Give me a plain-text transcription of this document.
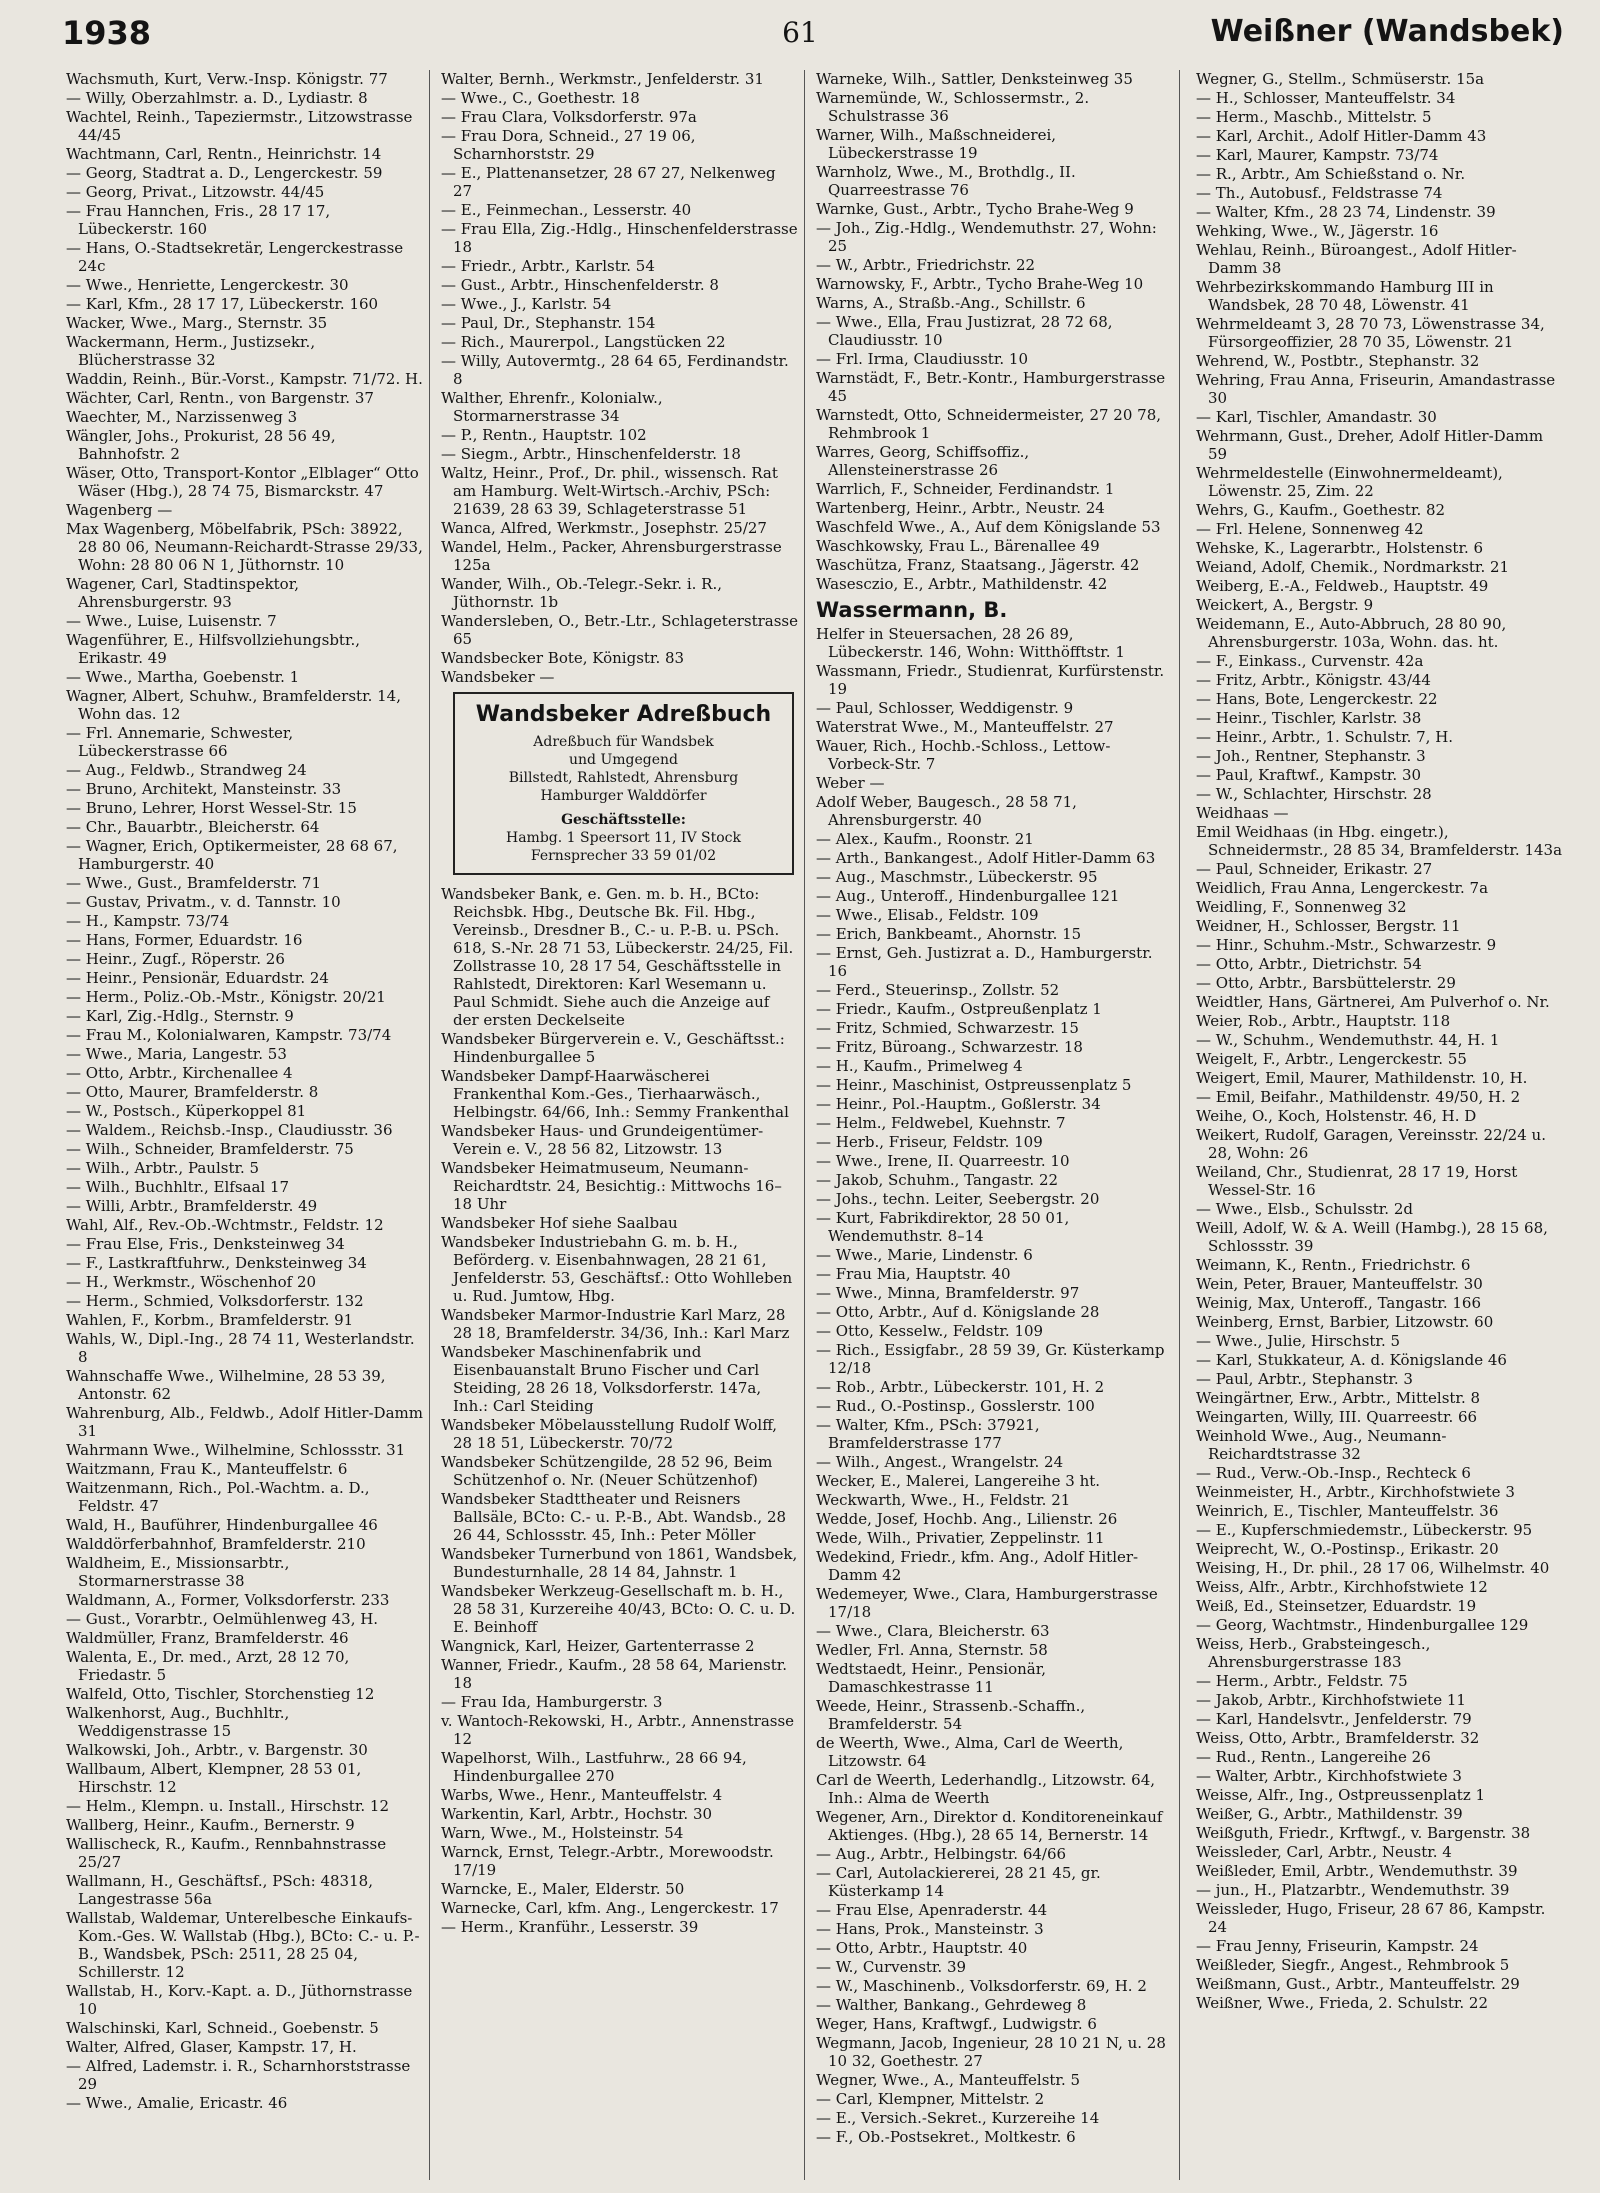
1938	61	Weißner (Wandsbek)
Wachsmuth, Kurt, Verw.-Insp. Königstr. 77
— Willy, Oberzahlmstr. a. D., Lydiastr. 8
Wachtel, Reinh., Tapeziermstr., Litzowstrasse 44/45
Wachtmann, Carl, Rentn., Heinrichstr. 14
— Georg, Stadtrat a. D., Lengerckestr. 59
— Georg, Privat., Litzowstr. 44/45
— Frau Hannchen, Fris., 28 17 17, Lübeckerstr. 160
— Hans, O.-Stadtsekretär, Lengerckestrasse 24c
— Wwe., Henriette, Lengerckestr. 30
— Karl, Kfm., 28 17 17, Lübeckerstr. 160
Wacker, Wwe., Marg., Sternstr. 35
Wackermann, Herm., Justizsekr., Blücherstrasse 32
Waddin, Reinh., Bür.-Vorst., Kampstr. 71/72. H.
Wächter, Carl, Rentn., von Bargenstr. 37
Waechter, M., Narzissenweg 3
Wängler, Johs., Prokurist, 28 56 49, Bahnhofstr. 2
Wäser, Otto, Transport-Kontor „Elblager“ Otto Wäser (Hbg.), 28 74 75, Bismarckstr. 47
Wagenberg —
Max Wagenberg, Möbelfabrik, PSch: 38922, 28 80 06, Neumann-Reichardt-Strasse 29/33, Wohn: 28 80 06 N 1, Jüthornstr. 10
Wagener, Carl, Stadtinspektor, Ahrensburgerstr. 93
— Wwe., Luise, Luisenstr. 7
Wagenführer, E., Hilfsvollziehungsbtr., Erikastr. 49
— Wwe., Martha, Goebenstr. 1
Wagner, Albert, Schuhw., Bramfelderstr. 14, Wohn das. 12
— Frl. Annemarie, Schwester, Lübeckerstrasse 66
— Aug., Feldwb., Strandweg 24
— Bruno, Architekt, Mansteinstr. 33
— Bruno, Lehrer, Horst Wessel-Str. 15
— Chr., Bauarbtr., Bleicherstr. 64
— Wagner, Erich, Optikermeister, 28 68 67, Hamburgerstr. 40
— Wwe., Gust., Bramfelderstr. 71
— Gustav, Privatm., v. d. Tannstr. 10
— H., Kampstr. 73/74
— Hans, Former, Eduardstr. 16
— Heinr., Zugf., Röperstr. 26
— Heinr., Pensionär, Eduardstr. 24
— Herm., Poliz.-Ob.-Mstr., Königstr. 20/21
— Karl, Zig.-Hdlg., Sternstr. 9
— Frau M., Kolonialwaren, Kampstr. 73/74
— Wwe., Maria, Langestr. 53
— Otto, Arbtr., Kirchenallee 4
— Otto, Maurer, Bramfelderstr. 8
— W., Postsch., Küperkoppel 81
— Waldem., Reichsb.-Insp., Claudiusstr. 36
— Wilh., Schneider, Bramfelderstr. 75
— Wilh., Arbtr., Paulstr. 5
— Wilh., Buchhltr., Elfsaal 17
— Willi, Arbtr., Bramfelderstr. 49
Wahl, Alf., Rev.-Ob.-Wchtmstr., Feldstr. 12
— Frau Else, Fris., Denksteinweg 34
— F., Lastkraftfuhrw., Denksteinweg 34
— H., Werkmstr., Wöschenhof 20
— Herm., Schmied, Volksdorferstr. 132
Wahlen, F., Korbm., Bramfelderstr. 91
Wahls, W., Dipl.-Ing., 28 74 11, Westerlandstr. 8
Wahnschaffe Wwe., Wilhelmine, 28 53 39, Antonstr. 62
Wahrenburg, Alb., Feldwb., Adolf Hitler-Damm 31
Wahrmann Wwe., Wilhelmine, Schlossstr. 31
Waitzmann, Frau K., Manteuffelstr. 6
Waitzenmann, Rich., Pol.-Wachtm. a. D., Feldstr. 47
Wald, H., Bauführer, Hindenburgallee 46
Walddörferbahnhof, Bramfelderstr. 210
Waldheim, E., Missionsarbtr., Stormarnerstrasse 38
Waldmann, A., Former, Volksdorferstr. 233
— Gust., Vorarbtr., Oelmühlenweg 43, H.
Waldmüller, Franz, Bramfelderstr. 46
Walenta, E., Dr. med., Arzt, 28 12 70, Friedastr. 5
Walfeld, Otto, Tischler, Storchenstieg 12
Walkenhorst, Aug., Buchhltr., Weddigenstrasse 15
Walkowski, Joh., Arbtr., v. Bargenstr. 30
Wallbaum, Albert, Klempner, 28 53 01, Hirschstr. 12
— Helm., Klempn. u. Install., Hirschstr. 12
Wallberg, Heinr., Kaufm., Bernerstr. 9
Wallischeck, R., Kaufm., Rennbahnstrasse 25/27
Wallmann, H., Geschäftsf., PSch: 48318, Langestrasse 56a
Wallstab, Waldemar, Unterelbesche Einkaufs-Kom.-Ges. W. Wallstab (Hbg.), BCto: C.- u. P.-B., Wandsbek, PSch: 2511, 28 25 04, Schillerstr. 12
Wallstab, H., Korv.-Kapt. a. D., Jüthornstrasse 10
Walschinski, Karl, Schneid., Goebenstr. 5
Walter, Alfred, Glaser, Kampstr. 17, H.
— Alfred, Lademstr. i. R., Scharnhorststrasse 29
— Wwe., Amalie, Ericastr. 46
Walter, Bernh., Werkmstr., Jenfelderstr. 31
— Wwe., C., Goethestr. 18
— Frau Clara, Volksdorferstr. 97a
— Frau Dora, Schneid., 27 19 06, Scharnhorststr. 29
— E., Plattenansetzer, 28 67 27, Nelkenweg 27
— E., Feinmechan., Lesserstr. 40
— Frau Ella, Zig.-Hdlg., Hinschenfelderstrasse 18
— Friedr., Arbtr., Karlstr. 54
— Gust., Arbtr., Hinschenfelderstr. 8
— Wwe., J., Karlstr. 54
— Paul, Dr., Stephanstr. 154
— Rich., Maurerpol., Langstücken 22
— Willy, Autovermtg., 28 64 65, Ferdinandstr. 8
Walther, Ehrenfr., Kolonialw., Stormarnerstrasse 34
— P., Rentn., Hauptstr. 102
— Siegm., Arbtr., Hinschenfelderstr. 18
Waltz, Heinr., Prof., Dr. phil., wissensch. Rat am Hamburg. Welt-Wirtsch.-Archiv, PSch: 21639, 28 63 39, Schlageterstrasse 51
Wanca, Alfred, Werkmstr., Josephstr. 25/27
Wandel, Helm., Packer, Ahrensburgerstrasse 125a
Wander, Wilh., Ob.-Telegr.-Sekr. i. R., Jüthornstr. 1b
Wandersleben, O., Betr.-Ltr., Schlageterstrasse 65
Wandsbecker Bote, Königstr. 83
Wandsbeker —
Wandsbeker Adreßbuch
Adreßbuch für Wandsbek
und Umgegend
Billstedt, Rahlstedt, Ahrensburg
Hamburger Walddörfer
Geschäftsstelle:
Hambg. 1 Speersort 11, IV Stock
Fernsprecher 33 59 01/02
Wandsbeker Bank, e. Gen. m. b. H., BCto: Reichsbk. Hbg., Deutsche Bk. Fil. Hbg., Vereinsb., Dresdner B., C.- u. P.-B. u. PSch. 618, S.-Nr. 28 71 53, Lübeckerstr. 24/25, Fil. Zollstrasse 10, 28 17 54, Geschäftsstelle in Rahlstedt, Direktoren: Karl Wesemann u. Paul Schmidt. Siehe auch die Anzeige auf der ersten Deckelseite
Wandsbeker Bürgerverein e. V., Geschäftsst.: Hindenburgallee 5
Wandsbeker Dampf-Haarwäscherei Frankenthal Kom.-Ges., Tierhaarwäsch., Helbingstr. 64/66, Inh.: Semmy Frankenthal
Wandsbeker Haus- und Grundeigentümer-Verein e. V., 28 56 82, Litzowstr. 13
Wandsbeker Heimatmuseum, Neumann-Reichardtstr. 24, Besichtig.: Mittwochs 16–18 Uhr
Wandsbeker Hof siehe Saalbau
Wandsbeker Industriebahn G. m. b. H., Beförderg. v. Eisenbahnwagen, 28 21 61, Jenfelderstr. 53, Geschäftsf.: Otto Wohlleben u. Rud. Jumtow, Hbg.
Wandsbeker Marmor-Industrie Karl Marz, 28 28 18, Bramfelderstr. 34/36, Inh.: Karl Marz
Wandsbeker Maschinenfabrik und Eisenbauanstalt Bruno Fischer und Carl Steiding, 28 26 18, Volksdorferstr. 147a, Inh.: Carl Steiding
Wandsbeker Möbelausstellung Rudolf Wolff, 28 18 51, Lübeckerstr. 70/72
Wandsbeker Schützengilde, 28 52 96, Beim Schützenhof o. Nr. (Neuer Schützenhof)
Wandsbeker Stadttheater und Reisners Ballsäle, BCto: C.- u. P.-B., Abt. Wandsb., 28 26 44, Schlossstr. 45, Inh.: Peter Möller
Wandsbeker Turnerbund von 1861, Wandsbek, Bundesturnhalle, 28 14 84, Jahnstr. 1
Wandsbeker Werkzeug-Gesellschaft m. b. H., 28 58 31, Kurzereihe 40/43, BCto: O. C. u. D. E. Beinhoff
Wangnick, Karl, Heizer, Gartenterrasse 2
Wanner, Friedr., Kaufm., 28 58 64, Marienstr. 18
— Frau Ida, Hamburgerstr. 3
v. Wantoch-Rekowski, H., Arbtr., Annenstrasse 12
Wapelhorst, Wilh., Lastfuhrw., 28 66 94, Hindenburgallee 270
Warbs, Wwe., Henr., Manteuffelstr. 4
Warkentin, Karl, Arbtr., Hochstr. 30
Warn, Wwe., M., Holsteinstr. 54
Warnck, Ernst, Telegr.-Arbtr., Morewoodstr. 17/19
Warncke, E., Maler, Elderstr. 50
Warnecke, Carl, kfm. Ang., Lengerckestr. 17
— Herm., Kranführ., Lesserstr. 39
Warneke, Wilh., Sattler, Denksteinweg 35
Warnemünde, W., Schlossermstr., 2. Schulstrasse 36
Warner, Wilh., Maßschneiderei, Lübeckerstrasse 19
Warnholz, Wwe., M., Brothdlg., II. Quarreestrasse 76
Warnke, Gust., Arbtr., Tycho Brahe-Weg 9
— Joh., Zig.-Hdlg., Wendemuthstr. 27, Wohn: 25
— W., Arbtr., Friedrichstr. 22
Warnowsky, F., Arbtr., Tycho Brahe-Weg 10
Warns, A., Straßb.-Ang., Schillstr. 6
— Wwe., Ella, Frau Justizrat, 28 72 68, Claudiusstr. 10
— Frl. Irma, Claudiusstr. 10
Warnstädt, F., Betr.-Kontr., Hamburgerstrasse 45
Warnstedt, Otto, Schneidermeister, 27 20 78, Rehmbrook 1
Warres, Georg, Schiffsoffiz., Allensteinerstrasse 26
Warrlich, F., Schneider, Ferdinandstr. 1
Wartenberg, Heinr., Arbtr., Neustr. 24
Waschfeld Wwe., A., Auf dem Königslande 53
Waschkowsky, Frau L., Bärenallee 49
Waschütza, Franz, Staatsang., Jägerstr. 42
Wasesczio, E., Arbtr., Mathildenstr. 42
Wassermann, B.
Helfer in Steuersachen, 28 26 89, Lübeckerstr. 146, Wohn: Witthöfftstr. 1
Wassmann, Friedr., Studienrat, Kurfürstenstr. 19
— Paul, Schlosser, Weddigenstr. 9
Waterstrat Wwe., M., Manteuffelstr. 27
Wauer, Rich., Hochb.-Schloss., Lettow-Vorbeck-Str. 7
Weber —
Adolf Weber, Baugesch., 28 58 71, Ahrensburgerstr. 40
— Alex., Kaufm., Roonstr. 21
— Arth., Bankangest., Adolf Hitler-Damm 63
— Aug., Maschmstr., Lübeckerstr. 95
— Aug., Unteroff., Hindenburgallee 121
— Wwe., Elisab., Feldstr. 109
— Erich, Bankbeamt., Ahornstr. 15
— Ernst, Geh. Justizrat a. D., Hamburgerstr. 16
— Ferd., Steuerinsp., Zollstr. 52
— Friedr., Kaufm., Ostpreußenplatz 1
— Fritz, Schmied, Schwarzestr. 15
— Fritz, Büroang., Schwarzestr. 18
— H., Kaufm., Primelweg 4
— Heinr., Maschinist, Ostpreussenplatz 5
— Heinr., Pol.-Hauptm., Goßlerstr. 34
— Helm., Feldwebel, Kuehnstr. 7
— Herb., Friseur, Feldstr. 109
— Wwe., Irene, II. Quarreestr. 10
— Jakob, Schuhm., Tangastr. 22
— Johs., techn. Leiter, Seebergstr. 20
— Kurt, Fabrikdirektor, 28 50 01, Wendemuthstr. 8–14
— Wwe., Marie, Lindenstr. 6
— Frau Mia, Hauptstr. 40
— Wwe., Minna, Bramfelderstr. 97
— Otto, Arbtr., Auf d. Königslande 28
— Otto, Kesselw., Feldstr. 109
— Rich., Essigfabr., 28 59 39, Gr. Küsterkamp 12/18
— Rob., Arbtr., Lübeckerstr. 101, H. 2
— Rud., O.-Postinsp., Gosslerstr. 100
— Walter, Kfm., PSch: 37921, Bramfelderstrasse 177
— Wilh., Angest., Wrangelstr. 24
Wecker, E., Malerei, Langereihe 3 ht.
Weckwarth, Wwe., H., Feldstr. 21
Wedde, Josef, Hochb. Ang., Lilienstr. 26
Wede, Wilh., Privatier, Zeppelinstr. 11
Wedekind, Friedr., kfm. Ang., Adolf Hitler-Damm 42
Wedemeyer, Wwe., Clara, Hamburgerstrasse 17/18
— Wwe., Clara, Bleicherstr. 63
Wedler, Frl. Anna, Sternstr. 58
Wedtstaedt, Heinr., Pensionär, Damaschkestrasse 11
Weede, Heinr., Strassenb.-Schaffn., Bramfelderstr. 54
de Weerth, Wwe., Alma, Carl de Weerth, Litzowstr. 64
Carl de Weerth, Lederhandlg., Litzowstr. 64, Inh.: Alma de Weerth
Wegener, Arn., Direktor d. Konditoreneinkauf Aktienges. (Hbg.), 28 65 14, Bernerstr. 14
— Aug., Arbtr., Helbingstr. 64/66
— Carl, Autolackiererei, 28 21 45, gr. Küsterkamp 14
— Frau Else, Apenraderstr. 44
— Hans, Prok., Mansteinstr. 3
— Otto, Arbtr., Hauptstr. 40
— W., Curvenstr. 39
— W., Maschinenb., Volksdorferstr. 69, H. 2
— Walther, Bankang., Gehrdeweg 8
Weger, Hans, Kraftwgf., Ludwigstr. 6
Wegmann, Jacob, Ingenieur, 28 10 21 N, u. 28 10 32, Goethestr. 27
Wegner, Wwe., A., Manteuffelstr. 5
— Carl, Klempner, Mittelstr. 2
— E., Versich.-Sekret., Kurzereihe 14
— F., Ob.-Postsekret., Moltkestr. 6
Wegner, G., Stellm., Schmüserstr. 15a
— H., Schlosser, Manteuffelstr. 34
— Herm., Maschb., Mittelstr. 5
— Karl, Archit., Adolf Hitler-Damm 43
— Karl, Maurer, Kampstr. 73/74
— R., Arbtr., Am Schießstand o. Nr.
— Th., Autobusf., Feldstrasse 74
— Walter, Kfm., 28 23 74, Lindenstr. 39
Wehking, Wwe., W., Jägerstr. 16
Wehlau, Reinh., Büroangest., Adolf Hitler-Damm 38
Wehrbezirkskommando Hamburg III in Wandsbek, 28 70 48, Löwenstr. 41
Wehrmeldeamt 3, 28 70 73, Löwenstrasse 34, Fürsorgeoffizier, 28 70 35, Löwenstr. 21
Wehrend, W., Postbtr., Stephanstr. 32
Wehring, Frau Anna, Friseurin, Amandastrasse 30
— Karl, Tischler, Amandastr. 30
Wehrmann, Gust., Dreher, Adolf Hitler-Damm 59
Wehrmeldestelle (Einwohnermeldeamt), Löwenstr. 25, Zim. 22
Wehrs, G., Kaufm., Goethestr. 82
— Frl. Helene, Sonnenweg 42
Wehske, K., Lagerarbtr., Holstenstr. 6
Weiand, Adolf, Chemik., Nordmarkstr. 21
Weiberg, E.-A., Feldweb., Hauptstr. 49
Weickert, A., Bergstr. 9
Weidemann, E., Auto-Abbruch, 28 80 90, Ahrensburgerstr. 103a, Wohn. das. ht.
— F., Einkass., Curvenstr. 42a
— Fritz, Arbtr., Königstr. 43/44
— Hans, Bote, Lengerckestr. 22
— Heinr., Tischler, Karlstr. 38
— Heinr., Arbtr., 1. Schulstr. 7, H.
— Joh., Rentner, Stephanstr. 3
— Paul, Kraftwf., Kampstr. 30
— W., Schlachter, Hirschstr. 28
Weidhaas —
Emil Weidhaas (in Hbg. eingetr.), Schneidermstr., 28 85 34, Bramfelderstr. 143a
— Paul, Schneider, Erikastr. 27
Weidlich, Frau Anna, Lengerckestr. 7a
Weidling, F., Sonnenweg 32
Weidner, H., Schlosser, Bergstr. 11
— Hinr., Schuhm.-Mstr., Schwarzestr. 9
— Otto, Arbtr., Dietrichstr. 54
— Otto, Arbtr., Barsbüttelerstr. 29
Weidtler, Hans, Gärtnerei, Am Pulverhof o. Nr.
Weier, Rob., Arbtr., Hauptstr. 118
— W., Schuhm., Wendemuthstr. 44, H. 1
Weigelt, F., Arbtr., Lengerckestr. 55
Weigert, Emil, Maurer, Mathildenstr. 10, H.
— Emil, Beifahr., Mathildenstr. 49/50, H. 2
Weihe, O., Koch, Holstenstr. 46, H. D
Weikert, Rudolf, Garagen, Vereinsstr. 22/24 u. 28, Wohn: 26
Weiland, Chr., Studienrat, 28 17 19, Horst Wessel-Str. 16
— Wwe., Elsb., Schulsstr. 2d
Weill, Adolf, W. & A. Weill (Hambg.), 28 15 68, Schlossstr. 39
Weimann, K., Rentn., Friedrichstr. 6
Wein, Peter, Brauer, Manteuffelstr. 30
Weinig, Max, Unteroff., Tangastr. 166
Weinberg, Ernst, Barbier, Litzowstr. 60
— Wwe., Julie, Hirschstr. 5
— Karl, Stukkateur, A. d. Königslande 46
— Paul, Arbtr., Stephanstr. 3
Weingärtner, Erw., Arbtr., Mittelstr. 8
Weingarten, Willy, III. Quarreestr. 66
Weinhold Wwe., Aug., Neumann-Reichardtstrasse 32
— Rud., Verw.-Ob.-Insp., Rechteck 6
Weinmeister, H., Arbtr., Kirchhofstwiete 3
Weinrich, E., Tischler, Manteuffelstr. 36
— E., Kupferschmiedemstr., Lübeckerstr. 95
Weiprecht, W., O.-Postinsp., Erikastr. 20
Weising, H., Dr. phil., 28 17 06, Wilhelmstr. 40
Weiss, Alfr., Arbtr., Kirchhofstwiete 12
Weiß, Ed., Steinsetzer, Eduardstr. 19
— Georg, Wachtmstr., Hindenburgallee 129
Weiss, Herb., Grabsteingesch., Ahrensburgerstrasse 183
— Herm., Arbtr., Feldstr. 75
— Jakob, Arbtr., Kirchhofstwiete 11
— Karl, Handelsvtr., Jenfelderstr. 79
Weiss, Otto, Arbtr., Bramfelderstr. 32
— Rud., Rentn., Langereihe 26
— Walter, Arbtr., Kirchhofstwiete 3
Weisse, Alfr., Ing., Ostpreussenplatz 1
Weißer, G., Arbtr., Mathildenstr. 39
Weißguth, Friedr., Krftwgf., v. Bargenstr. 38
Weissleder, Carl, Arbtr., Neustr. 4
Weißleder, Emil, Arbtr., Wendemuthstr. 39
— jun., H., Platzarbtr., Wendemuthstr. 39
Weissleder, Hugo, Friseur, 28 67 86, Kampstr. 24
— Frau Jenny, Friseurin, Kampstr. 24
Weißleder, Siegfr., Angest., Rehmbrook 5
Weißmann, Gust., Arbtr., Manteuffelstr. 29
Weißner, Wwe., Frieda, 2. Schulstr. 22
